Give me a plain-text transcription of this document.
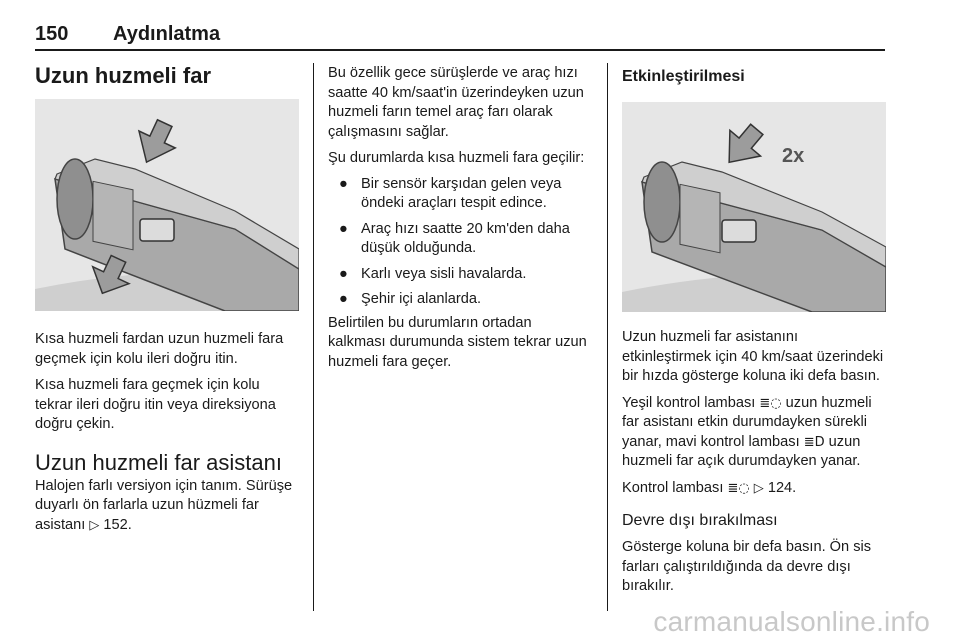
150 Aydınlatma
Uzun huzmeli far

Kısa huzmeli fardan uzun huzmeli fara geçmek için kolu ileri doğru itin.

Kısa huzmeli fara geçmek için kolu tekrar ileri doğru itin veya direksiyona doğru çekin.

Uzun huzmeli far asistanı

Halojen farlı versiyon için tanım. Sürüşe duyarlı ön farlarla uzun hüzmeli far asistanı ▷ 152.

Bu özellik gece sürüşlerde ve araç hızı saatte 40 km/saat'in üzerindeyken uzun huzmeli farın temel araç farı olarak çalışmasını sağlar.

Şu durumlarda kısa huzmeli fara geçilir:

● Bir sensör karşıdan gelen veya öndeki araçları tespit edince.
● Araç hızı saatte 20 km'den daha düşük olduğunda.
● Karlı veya sisli havalarda.
● Şehir içi alanlarda.

Belirtilen bu durumların ortadan kalkması durumunda sistem tekrar uzun huzmeli fara geçer.

Etkinleştirilmesi
2x

Uzun huzmeli far asistanını etkinleştirmek için 40 km/saat üzerindeki bir hızda gösterge koluna iki defa basın.

Yeşil kontrol lambası ≣◌ uzun huzmeli far asistanı etkin durumdayken sürekli yanar, mavi kontrol lambası ≣D uzun huzmeli far açık durumdayken yanar.

Kontrol lambası ≣◌ ▷ 124.

Devre dışı bırakılması

Gösterge koluna bir defa basın. Ön sis farları çalıştırıldığında da devre dışı bırakılır.

carmanualsonline.info
